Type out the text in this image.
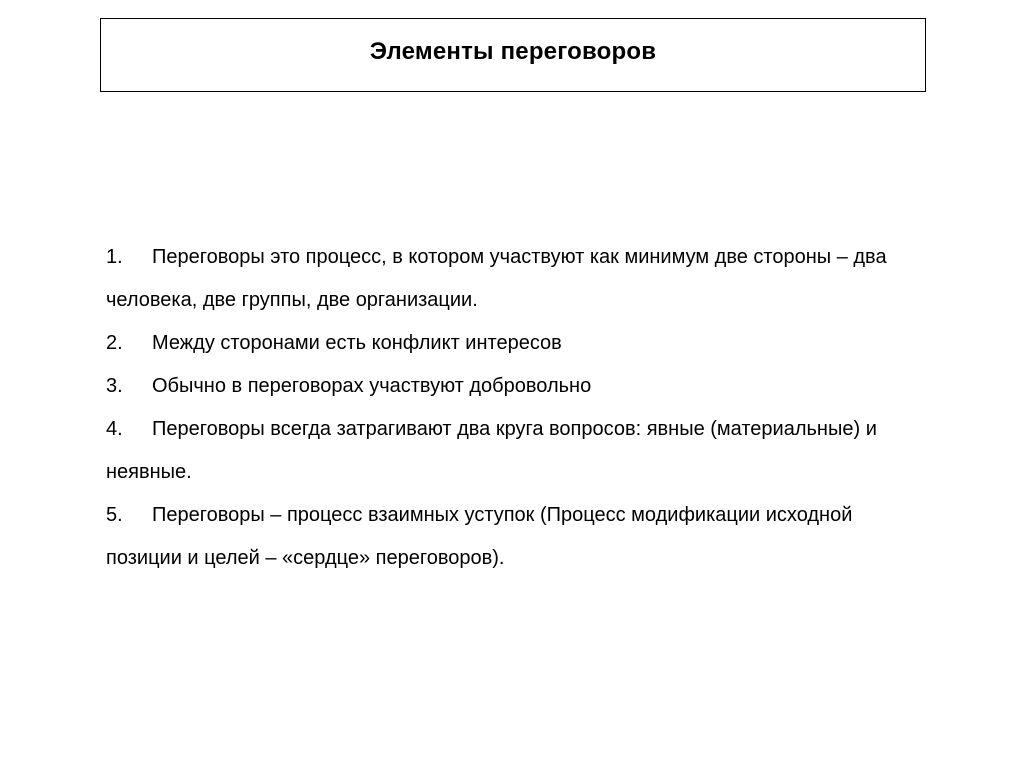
Элементы переговоров
1. Переговоры это процесс, в котором участвуют как минимум две стороны – два человека, две группы, две организации.
2. Между сторонами есть конфликт интересов
3. Обычно в переговорах участвуют добровольно
4. Переговоры всегда затрагивают два круга вопросов: явные (материальные) и неявные.
5. Переговоры – процесс взаимных уступок (Процесс модификации исходной позиции и целей – «сердце» переговоров).
